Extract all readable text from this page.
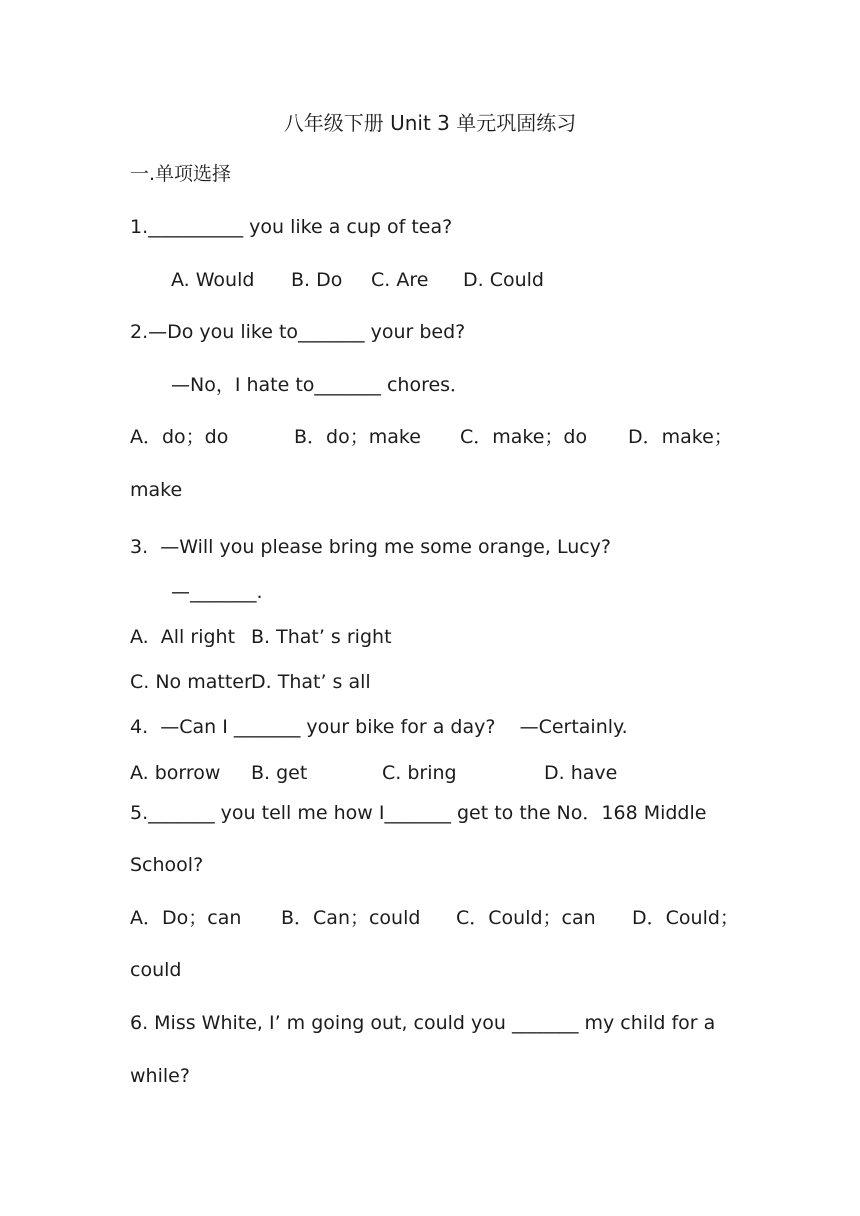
八年级下册 Unit 3 单元巩固练习
一.单项选择
1.__________ you like a cup of tea?
A. Would B. Do C. Are D. Could
2.—Do you like to_______ your bed?
—No，I hate to_______ chores．
A．do；do	B．do；make C．make；do D．make；
make
3.  —Will you please bring me some orange, Lucy?
—_______.
A.  All right B. That’ s right
C. No matter D. That’ s all
4.  —Can I _______ your bike for a day?    —Certainly.
A. borrow B. get	C. bring	D. have
5._______ you tell me how I_______ get to the No．168 Middle
School?
A．Do；can B．Can；could C．Could；can D．Could；
could
6. Miss White, I’ m going out, could you _______ my child for a
while?
